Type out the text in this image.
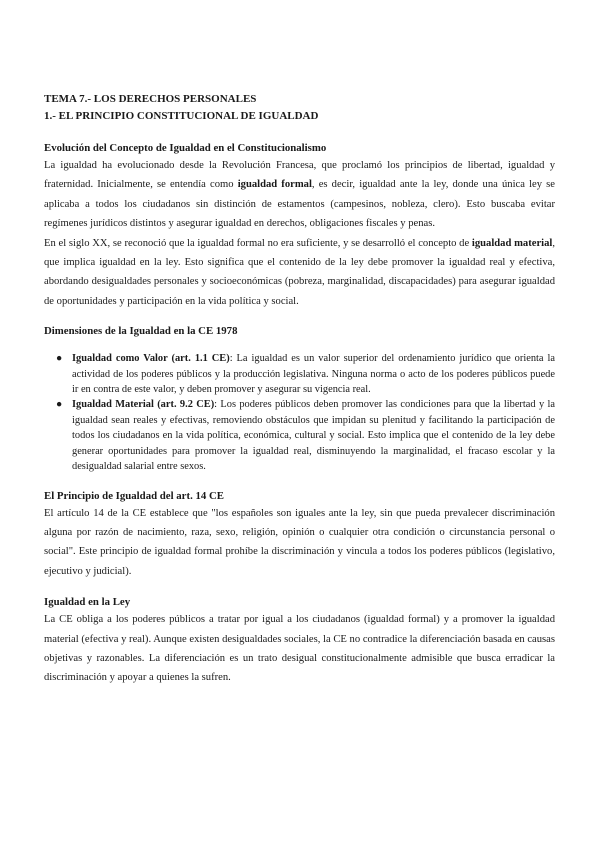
TEMA 7.- LOS DERECHOS PERSONALES
1.- EL PRINCIPIO CONSTITUCIONAL DE IGUALDAD
Evolución del Concepto de Igualdad en el Constitucionalismo

La igualdad ha evolucionado desde la Revolución Francesa, que proclamó los principios de libertad, igualdad y fraternidad. Inicialmente, se entendía como igualdad formal, es decir, igualdad ante la ley, donde una única ley se aplicaba a todos los ciudadanos sin distinción de estamentos (campesinos, nobleza, clero). Esto buscaba evitar regímenes jurídicos distintos y asegurar igualdad en derechos, obligaciones fiscales y penas.

En el siglo XX, se reconoció que la igualdad formal no era suficiente, y se desarrolló el concepto de igualdad material, que implica igualdad en la ley. Esto significa que el contenido de la ley debe promover la igualdad real y efectiva, abordando desigualdades personales y socioeconómicas (pobreza, marginalidad, discapacidades) para asegurar igualdad de oportunidades y participación en la vida política y social.

Dimensiones de la Igualdad en la CE 1978
● Igualdad como Valor (art. 1.1 CE): La igualdad es un valor superior del ordenamiento jurídico que orienta la actividad de los poderes públicos y la producción legislativa. Ninguna norma o acto de los poderes públicos puede ir en contra de este valor, y deben promover y asegurar su vigencia real.
● Igualdad Material (art. 9.2 CE): Los poderes públicos deben promover las condiciones para que la libertad y la igualdad sean reales y efectivas, removiendo obstáculos que impidan su plenitud y facilitando la participación de todos los ciudadanos en la vida política, económica, cultural y social. Esto implica que el contenido de la ley debe generar oportunidades para promover la igualdad real, disminuyendo la marginalidad, el fracaso escolar y la desigualdad salarial entre sexos.
El Principio de Igualdad del art. 14 CE

El artículo 14 de la CE establece que "los españoles son iguales ante la ley, sin que pueda prevalecer discriminación alguna por razón de nacimiento, raza, sexo, religión, opinión o cualquier otra condición o circunstancia personal o social". Este principio de igualdad formal prohíbe la discriminación y vincula a todos los poderes públicos (legislativo, ejecutivo y judicial).

Igualdad en la Ley

La CE obliga a los poderes públicos a tratar por igual a los ciudadanos (igualdad formal) y a promover la igualdad material (efectiva y real). Aunque existen desigualdades sociales, la CE no contradice la diferenciación basada en causas objetivas y razonables. La diferenciación es un trato desigual constitucionalmente admisible que busca erradicar la discriminación y apoyar a quienes la sufren.
